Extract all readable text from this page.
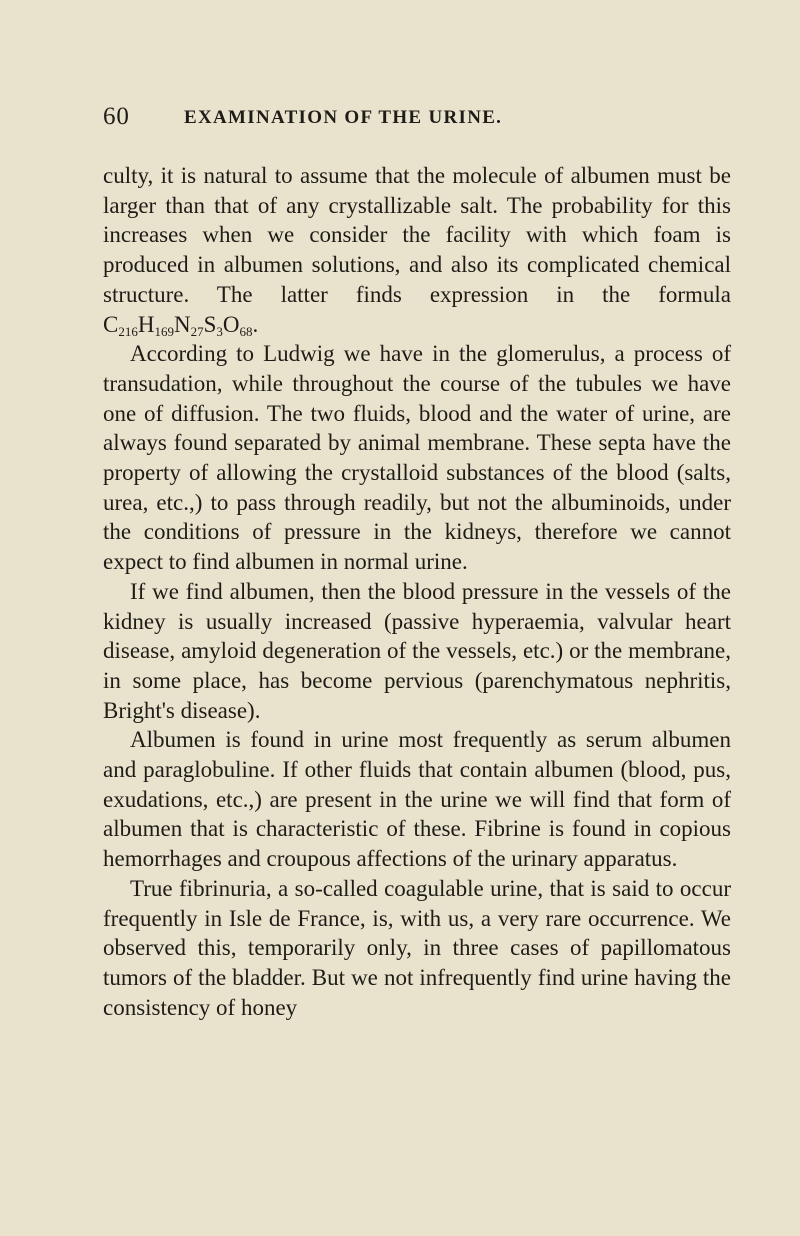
60	EXAMINATION OF THE URINE.

culty, it is natural to assume that the molecule of albumen must be larger than that of any crystallizable salt. The probability for this increases when we consider the facility with which foam is produced in albumen solutions, and also its complicated chemical structure. The latter finds expression in the formula $C_{216}H_{169}N_{27}S_3O_{68}$.

According to Ludwig we have in the glomerulus, a process of transudation, while throughout the course of the tubules we have one of diffusion. The two fluids, blood and the water of urine, are always found separated by animal membrane. These septa have the property of allowing the crystalloid substances of the blood (salts, urea, etc.,) to pass through readily, but not the albuminoids, under the conditions of pressure in the kidneys, therefore we cannot expect to find albumen in normal urine.

If we find albumen, then the blood pressure in the vessels of the kidney is usually increased (passive hyperaemia, valvular heart disease, amyloid degeneration of the vessels, etc.) or the membrane, in some place, has become pervious (parenchymatous nephritis, Bright's disease).

Albumen is found in urine most frequently as serum albumen and paraglobuline. If other fluids that contain albumen (blood, pus, exudations, etc.,) are present in the urine we will find that form of albumen that is characteristic of these. Fibrine is found in copious hemorrhages and croupous affections of the urinary apparatus.

True fibrinuria, a so-called coagulable urine, that is said to occur frequently in Isle de France, is, with us, a very rare occurrence. We observed this, temporarily only, in three cases of papillomatous tumors of the bladder. But we not infrequently find urine having the consistency of honey
